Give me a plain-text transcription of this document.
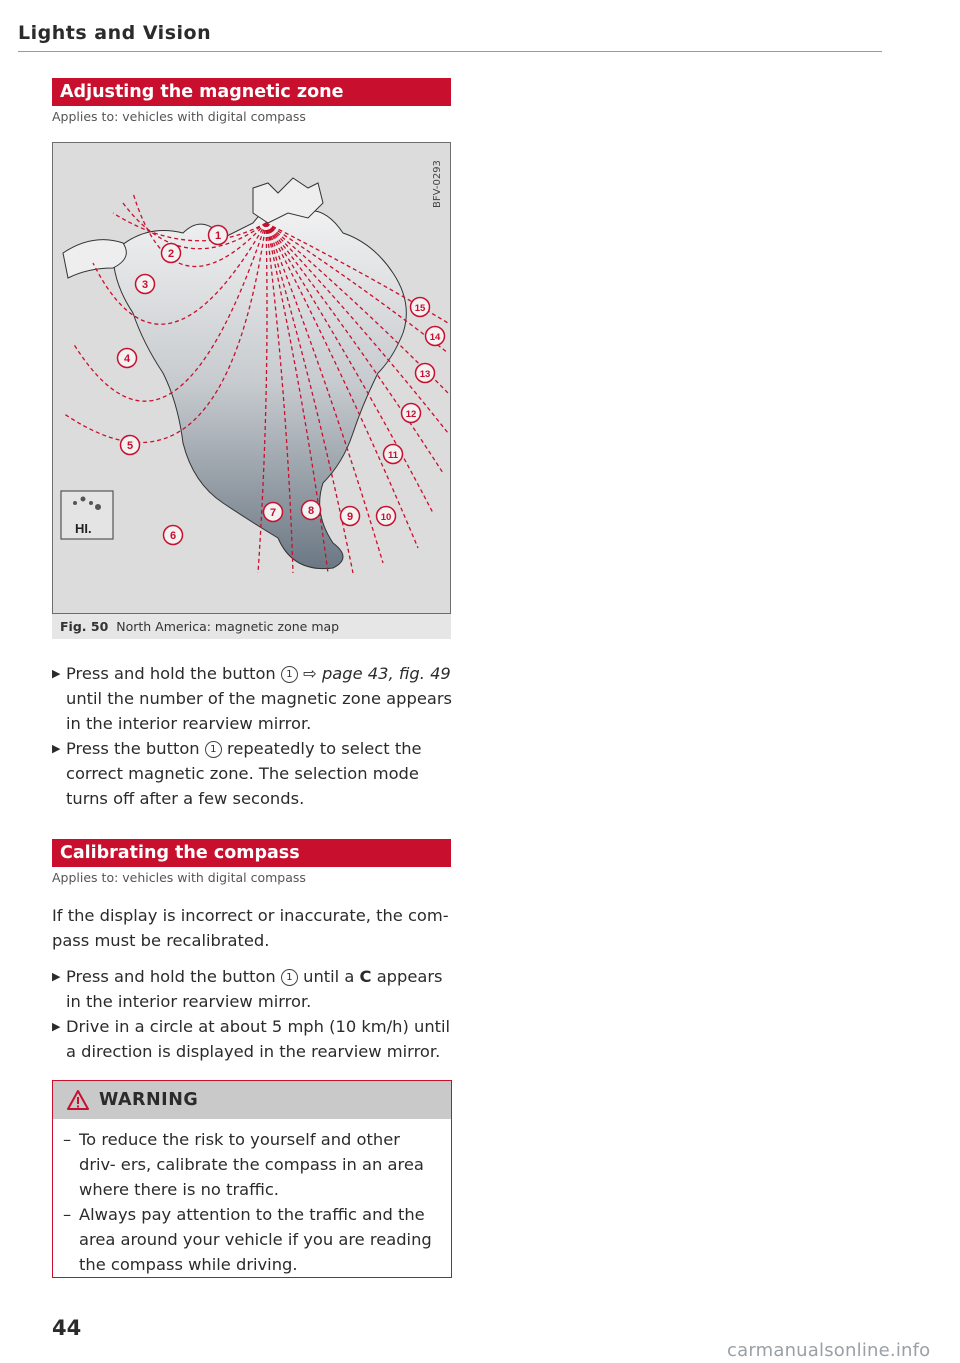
Lights and Vision
Adjusting the magnetic zone
Applies to: vehicles with digital compass
1
2
3
4
5
6
7	8	9	10
11
12
13
14
15
HI.
BFV-0293
Fig. 50 North America: magnetic zone map
▶ Press and hold the button 1 ⇨ page 43, fig. 49 until the number of the magnetic zone appears in the interior rearview mirror.
▶ Press the button 1 repeatedly to select the correct magnetic zone. The selection mode turns off after a few seconds.
Calibrating the compass
Applies to: vehicles with digital compass
If the display is incorrect or inaccurate, the com- pass must be recalibrated.
▶ Press and hold the button 1 until a C appears in the interior rearview mirror.
▶ Drive in a circle at about 5 mph (10 km/h) until a direction is displayed in the rearview mirror.
WARNING
– To reduce the risk to yourself and other driv- ers, calibrate the compass in an area where there is no traffic.
– Always pay attention to the traffic and the area around your vehicle if you are reading the compass while driving.
44
carmanualsonline.info
